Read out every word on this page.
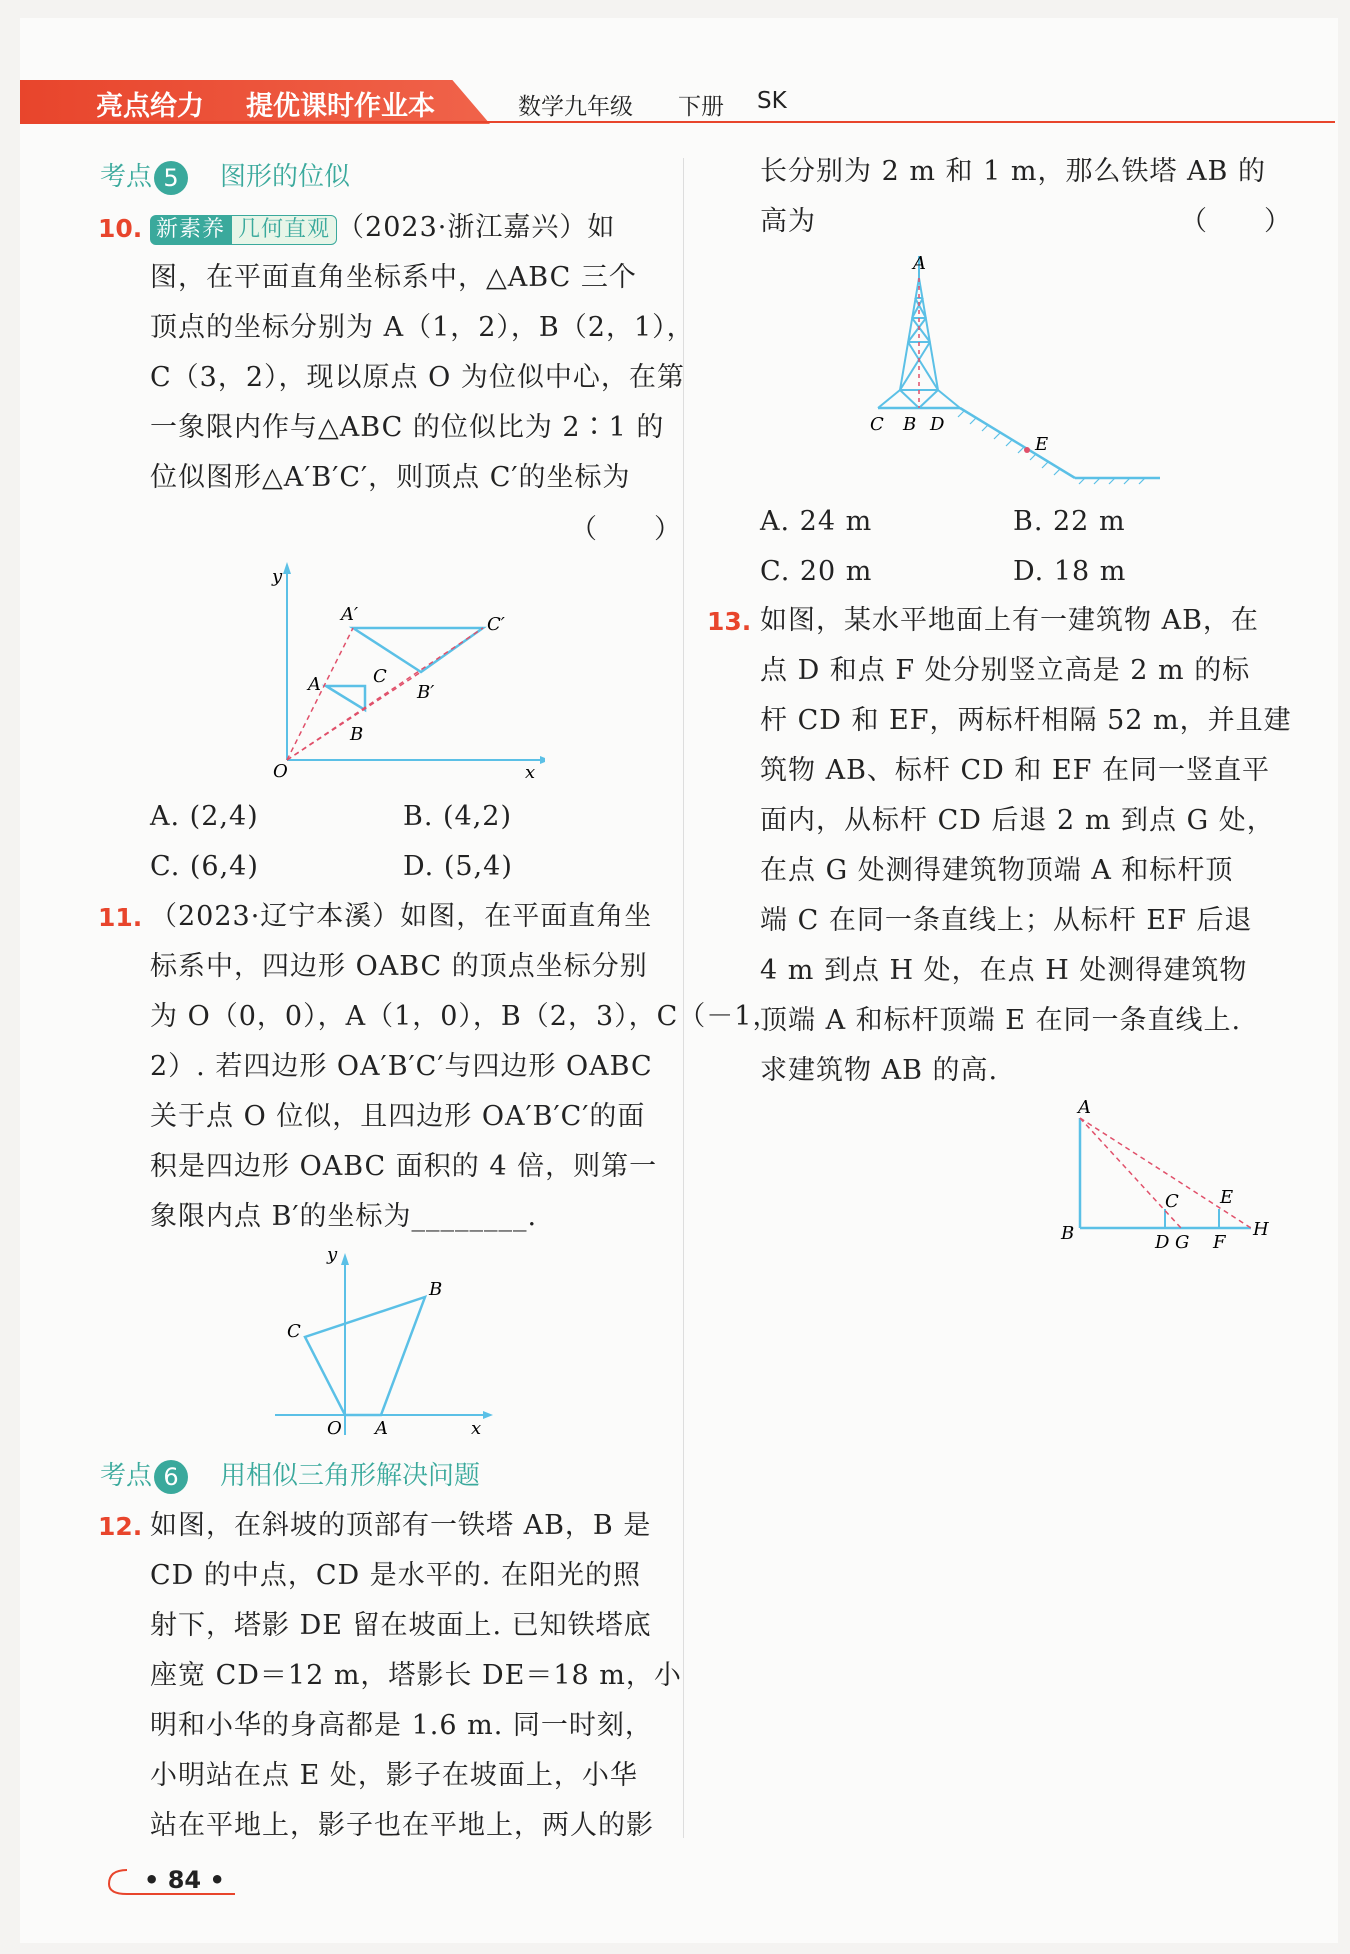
亮点给力 提优课时作业本	数学九年级 下册 SK
考点 5 图形的位似
10. 新素养 几何直观 （2023·浙江嘉兴）如
图，在平面直角坐标系中，△ABC 三个
顶点的坐标分别为 A（1，2），B（2，1），
C（3，2），现以原点 O 为位似中心，在第
一象限内作与△ABC 的位似比为 2∶1 的
位似图形△A′B′C′，则顶点 C′的坐标为
（　　）
y
x
O
A
B
C
A′
B′
C′
A. (2,4)	B. (4,2)
C. (6,4)	D. (5,4)
11. （2023·辽宁本溪）如图，在平面直角坐
标系中，四边形 OABC 的顶点坐标分别
为 O（0，0），A（1，0），B（2，3），C（－1，
2）. 若四边形 OA′B′C′与四边形 OABC
关于点 O 位似，且四边形 OA′B′C′的面
积是四边形 OABC 面积的 4 倍，则第一
象限内点 B′的坐标为________.
y
x
O A
B
C
考点 6 用相似三角形解决问题
12. 如图，在斜坡的顶部有一铁塔 AB，B 是
CD 的中点，CD 是水平的. 在阳光的照
射下，塔影 DE 留在坡面上. 已知铁塔底
座宽 CD＝12 m，塔影长 DE＝18 m，小
明和小华的身高都是 1.6 m. 同一时刻，
小明站在点 E 处，影子在坡面上，小华
站在平地上，影子也在平地上，两人的影
长分别为 2 m 和 1 m，那么铁塔 AB 的
高为	（　　）
A
C B D
E
A. 24 m	B. 22 m
C. 20 m	D. 18 m
13. 如图，某水平地面上有一建筑物 AB，在
点 D 和点 F 处分别竖立高是 2 m 的标
杆 CD 和 EF，两标杆相隔 52 m，并且建
筑物 AB、标杆 CD 和 EF 在同一竖直平
面内，从标杆 CD 后退 2 m 到点 G 处，
在点 G 处测得建筑物顶端 A 和标杆顶
端 C 在同一条直线上；从标杆 EF 后退
4 m 到点 H 处，在点 H 处测得建筑物
顶端 A 和标杆顶端 E 在同一条直线上.
求建筑物 AB 的高.
A
B
C
D G
E
F
H
• 84 •
